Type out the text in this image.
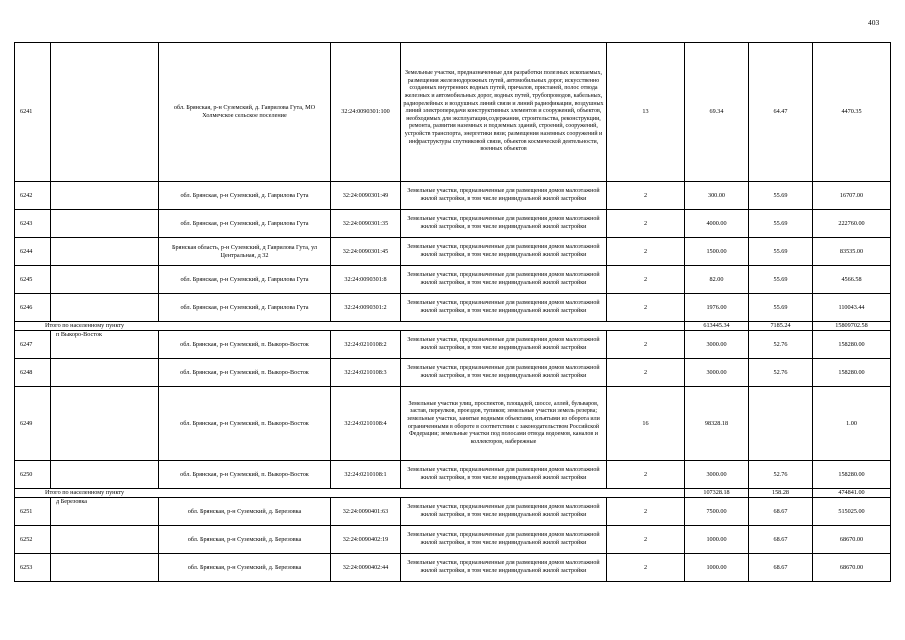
403
6241		обл. Брянская, р-н Суземский, д. Гаврилова Гута, МО Холмечское сельское поселение	32:24:0090301:100	Земельные участки, предназначенные для разработки полезных ископаемых, размещения железнодорожных путей, автомобильных дорог, искусственно созданных внутренних водных путей, причалов, пристаней, полос отвода железных и автомобильных дорог, водных путей, трубопроводов, кабельных, радиорелейных и воздушных линий связи и линий радиофикации, воздушных линий электропередачи конструктивных элементов и сооружений, объектов, необходимых для эксплуатации,содержания, строительства, реконструкции, ремонта, развития наземных и подземных зданий, строений, сооружений, устройств транспорта, энергетики вязи; размещения наземных сооружений и инфраструктуры спутниковой связи, объектов космической деятельности, военных объектов	13	69.34	64.47	4470.35
6242		обл. Брянская, р-н Суземский, д. Гаврилова Гута	32:24:0090301:49	Земельные участки, предназначенные для размещения домов малоэтажной жилой застройки, в том числе индивидуальной жилой застройки	2	300.00	55.69	16707.00
6243		обл. Брянская, р-н Суземский, д. Гаврилова Гута	32:24:0090301:35	Земельные участки, предназначенные для размещения домов малоэтажной жилой застройки, в том числе индивидуальной жилой застройки	2	4000.00	55.69	222760.00
6244		Брянская область, р-н Суземский, д Гаврилова Гута, ул Центральная, д 32	32:24:0090301:45	Земельные участки, предназначенные для размещения домов малоэтажной жилой застройки, в том числе индивидуальной жилой застройки	2	1500.00	55.69	83535.00
6245		обл. Брянская, р-н Суземский, д. Гаврилова Гута	32:24:0090301:8	Земельные участки, предназначенные для размещения домов малоэтажной жилой застройки, в том числе индивидуальной жилой застройки	2	82.00	55.69	4566.58
6246		обл. Брянская, р-н Суземский, д. Гаврилова Гута	32:24:0090301:2	Земельные участки, предназначенные для размещения домов малоэтажной жилой застройки, в том числе индивидуальной жилой застройки	2	1976.00	55.69	110043.44
Итого по населенному пункту						613445.34	7185.24	15809702.58
6247	п Выкоро-Восток	обл. Брянская, р-н Суземский, п. Выкоро-Восток	32:24:0210108:2	Земельные участки, предназначенные для размещения домов малоэтажной жилой застройки, в том числе индивидуальной жилой застройки	2	3000.00	52.76	158280.00
6248		обл. Брянская, р-н Суземский, п. Выкоро-Восток	32:24:0210108:3	Земельные участки, предназначенные для размещения домов малоэтажной жилой застройки, в том числе индивидуальной жилой застройки	2	3000.00	52.76	158280.00
6249		обл. Брянская, р-н Суземский, п. Выкоро-Восток	32:24:0210108:4	Земельные участки улиц, проспектов, площадей, шоссе, аллей, бульваров, застав, переулков, проездов, тупиков; земельные участки земель резерва; земельные участки, занятые водными объектами, изъятыми из оборота или ограниченными в обороте в соответствии с законодательством Российской Федерации; земельные участки под полосами отвода водоемов, каналов и коллекторов, набережные	16	98328.18		1.00
6250		обл. Брянская, р-н Суземский, п. Выкоро-Восток	32:24:0210108:1	Земельные участки, предназначенные для размещения домов малоэтажной жилой застройки, в том числе индивидуальной жилой застройки	2	3000.00	52.76	158280.00
Итого по населенному пункту						107328.18	158.28	474841.00
6251	д Березовка	обл. Брянская, р-н Суземский, д. Березовка	32:24:0090401:63	Земельные участки, предназначенные для размещения домов малоэтажной жилой застройки, в том числе индивидуальной жилой застройки	2	7500.00	68.67	515025.00
6252		обл. Брянская, р-н Суземский, д. Березовка	32:24:0090402:19	Земельные участки, предназначенные для размещения домов малоэтажной жилой застройки, в том числе индивидуальной жилой застройки	2	1000.00	68.67	68670.00
6253		обл. Брянская, р-н Суземский, д. Березовка	32:24:0090402:44	Земельные участки, предназначенные для размещения домов малоэтажной жилой застройки, в том числе индивидуальной жилой застройки	2	1000.00	68.67	68670.00
